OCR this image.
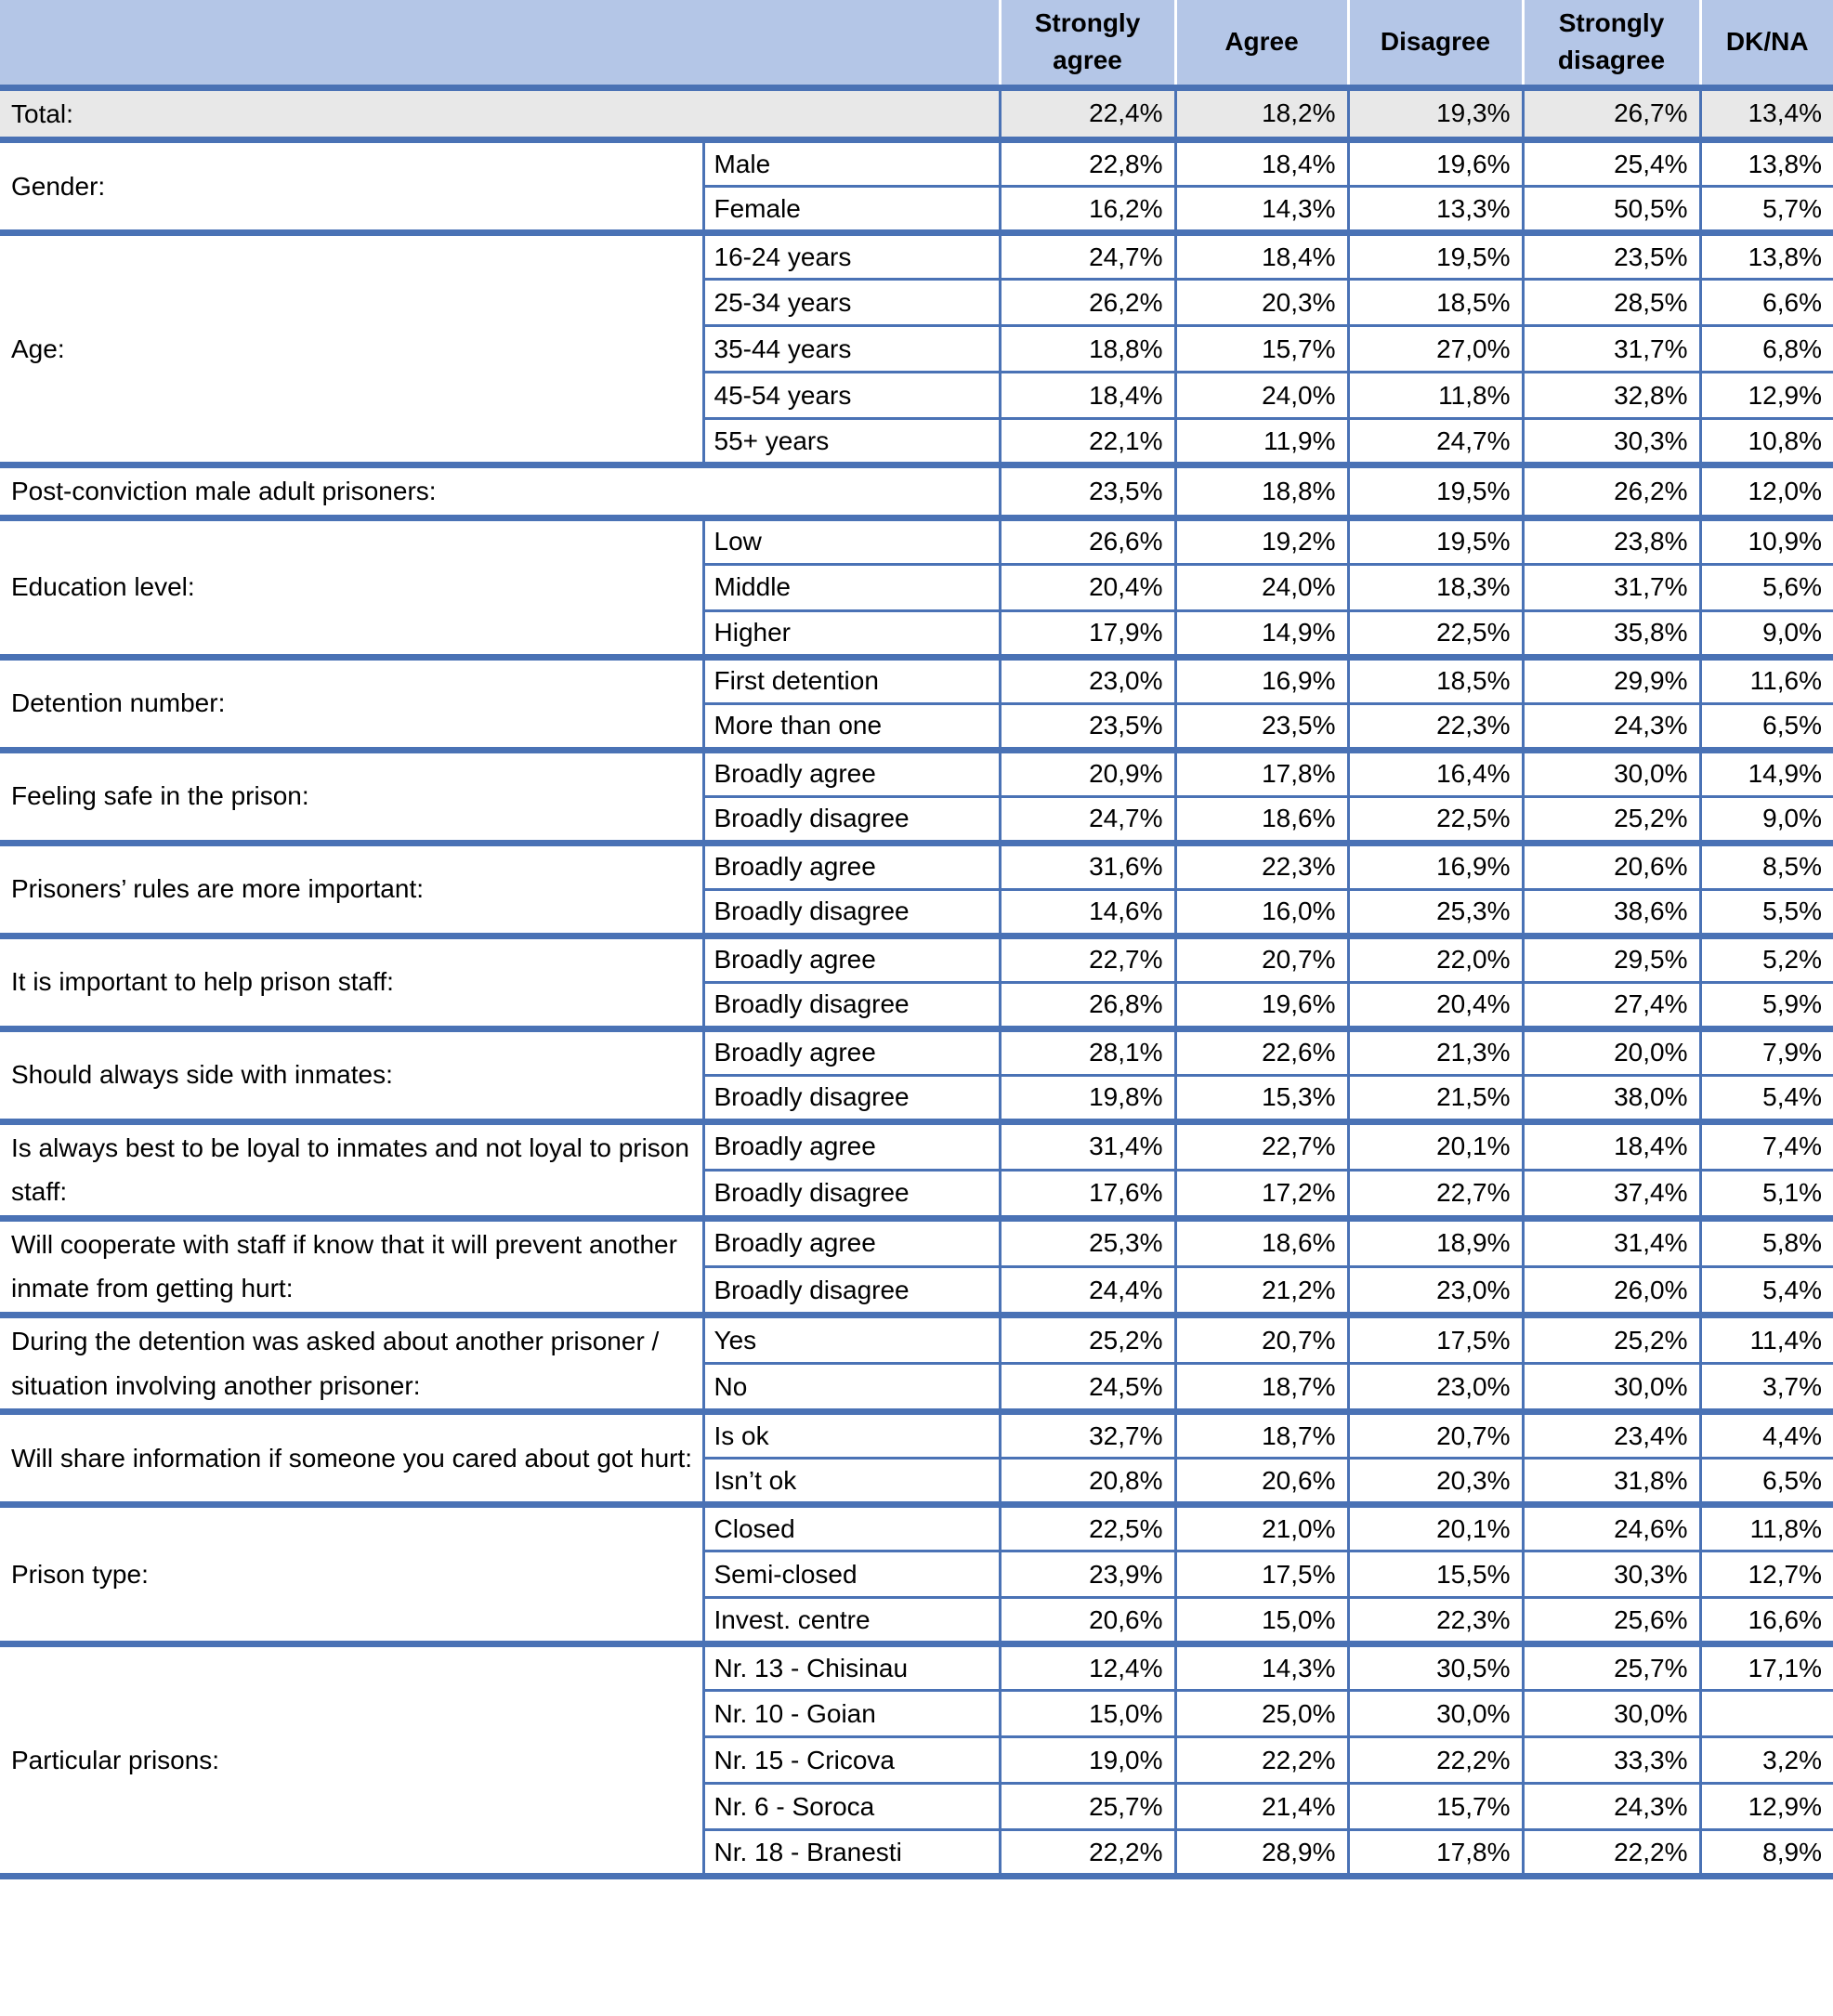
		Strongly agree	Agree	Disagree	Strongly disagree	DK/NA
Total:		22,4%	18,2%	19,3%	26,7%	13,4%
Gender:	Male	22,8%	18,4%	19,6%	25,4%	13,8%
	Female	16,2%	14,3%	13,3%	50,5%	5,7%
Age:	16-24 years	24,7%	18,4%	19,5%	23,5%	13,8%
	25-34 years	26,2%	20,3%	18,5%	28,5%	6,6%
	35-44 years	18,8%	15,7%	27,0%	31,7%	6,8%
	45-54 years	18,4%	24,0%	11,8%	32,8%	12,9%
	55+ years	22,1%	11,9%	24,7%	30,3%	10,8%
Post-conviction male adult prisoners:		23,5%	18,8%	19,5%	26,2%	12,0%
Education level:	Low	26,6%	19,2%	19,5%	23,8%	10,9%
	Middle	20,4%	24,0%	18,3%	31,7%	5,6%
	Higher	17,9%	14,9%	22,5%	35,8%	9,0%
Detention number:	First detention	23,0%	16,9%	18,5%	29,9%	11,6%
	More than one	23,5%	23,5%	22,3%	24,3%	6,5%
Feeling safe in the prison:	Broadly agree	20,9%	17,8%	16,4%	30,0%	14,9%
	Broadly disagree	24,7%	18,6%	22,5%	25,2%	9,0%
Prisoners’ rules are more important:	Broadly agree	31,6%	22,3%	16,9%	20,6%	8,5%
	Broadly disagree	14,6%	16,0%	25,3%	38,6%	5,5%
It is important to help prison staff:	Broadly agree	22,7%	20,7%	22,0%	29,5%	5,2%
	Broadly disagree	26,8%	19,6%	20,4%	27,4%	5,9%
Should always side with inmates:	Broadly agree	28,1%	22,6%	21,3%	20,0%	7,9%
	Broadly disagree	19,8%	15,3%	21,5%	38,0%	5,4%
Is always best to be loyal to inmates and not loyal to prison staff:	Broadly agree	31,4%	22,7%	20,1%	18,4%	7,4%
	Broadly disagree	17,6%	17,2%	22,7%	37,4%	5,1%
Will cooperate with staff if know that it will prevent another inmate from getting hurt:	Broadly agree	25,3%	18,6%	18,9%	31,4%	5,8%
	Broadly disagree	24,4%	21,2%	23,0%	26,0%	5,4%
During the detention was asked about another prisoner / situation involving another prisoner:	Yes	25,2%	20,7%	17,5%	25,2%	11,4%
	No	24,5%	18,7%	23,0%	30,0%	3,7%
Will share information if someone you cared about got hurt:	Is ok	32,7%	18,7%	20,7%	23,4%	4,4%
	Isn’t ok	20,8%	20,6%	20,3%	31,8%	6,5%
Prison type:	Closed	22,5%	21,0%	20,1%	24,6%	11,8%
	Semi-closed	23,9%	17,5%	15,5%	30,3%	12,7%
	Invest. centre	20,6%	15,0%	22,3%	25,6%	16,6%
Particular prisons:	Nr. 13 - Chisinau	12,4%	14,3%	30,5%	25,7%	17,1%
	Nr. 10 - Goian	15,0%	25,0%	30,0%	30,0%	
	Nr. 15 - Cricova	19,0%	22,2%	22,2%	33,3%	3,2%
	Nr. 6 - Soroca	25,7%	21,4%	15,7%	24,3%	12,9%
	Nr. 18 - Branesti	22,2%	28,9%	17,8%	22,2%	8,9%
